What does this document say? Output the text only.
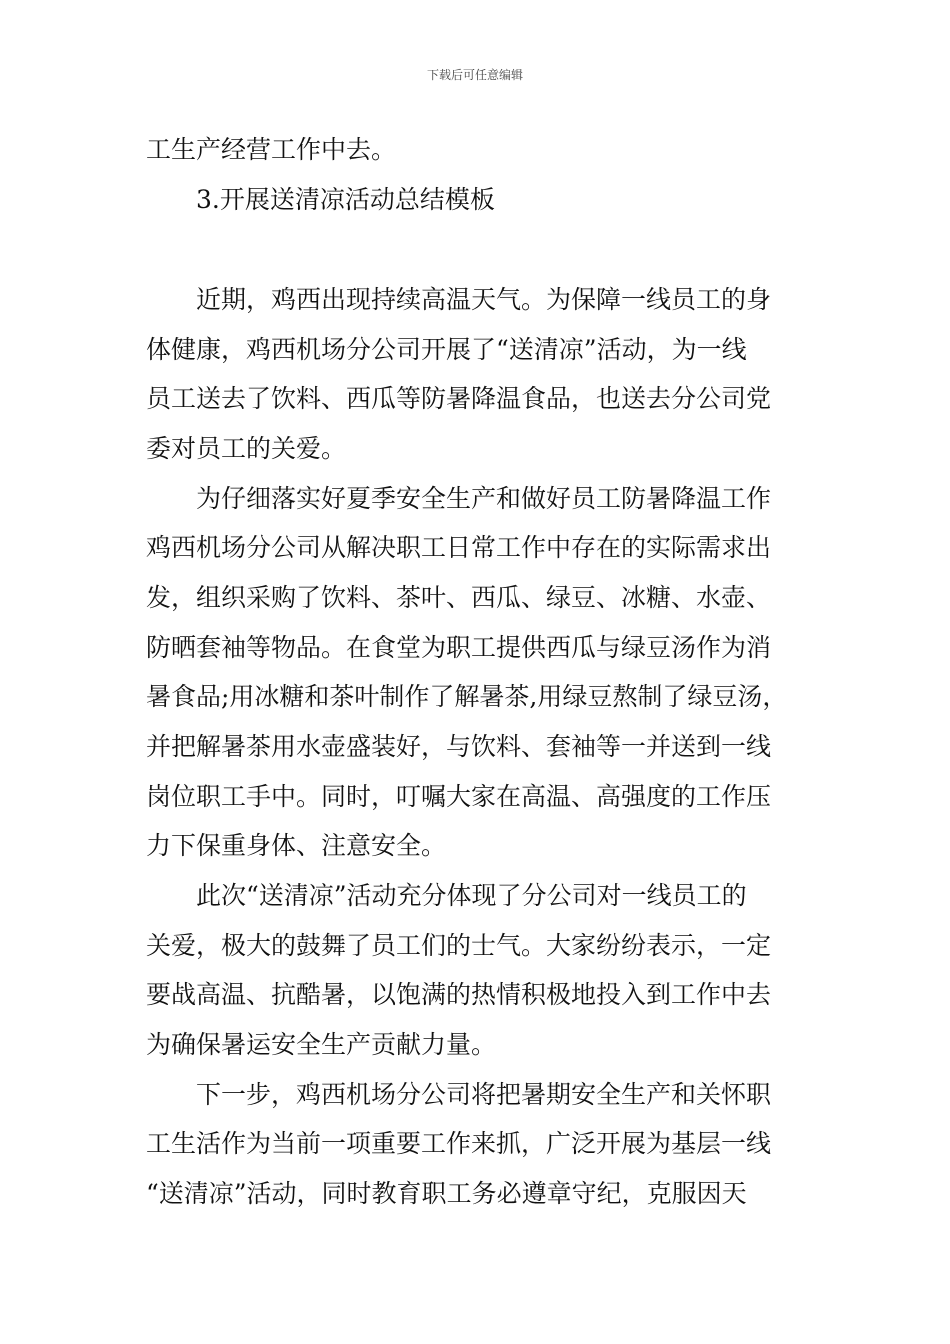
下载后可任意编辑
工生产经营工作中去。
3.开展送清凉活动总结模板
近期，鸡西出现持续高温天气。为保障一线员工的身
体健康，鸡西机场分公司开展了“送清凉”活动，为一线
员工送去了饮料、西瓜等防暑降温食品，也送去分公司党
委对员工的关爱。
为仔细落实好夏季安全生产和做好员工防暑降温工作
鸡西机场分公司从解决职工日常工作中存在的实际需求出
发，组织采购了饮料、茶叶、西瓜、绿豆、冰糖、水壶、
防晒套袖等物品。在食堂为职工提供西瓜与绿豆汤作为消
暑食品;用冰糖和茶叶制作了解暑茶,用绿豆熬制了绿豆汤，
并把解暑茶用水壶盛装好，与饮料、套袖等一并送到一线
岗位职工手中。同时，叮嘱大家在高温、高强度的工作压
力下保重身体、注意安全。
此次“送清凉”活动充分体现了分公司对一线员工的
关爱，极大的鼓舞了员工们的士气。大家纷纷表示，一定
要战高温、抗酷暑，以饱满的热情积极地投入到工作中去
为确保暑运安全生产贡献力量。
下一步，鸡西机场分公司将把暑期安全生产和关怀职
工生活作为当前一项重要工作来抓，广泛开展为基层一线
“送清凉”活动，同时教育职工务必遵章守纪，克服因天
